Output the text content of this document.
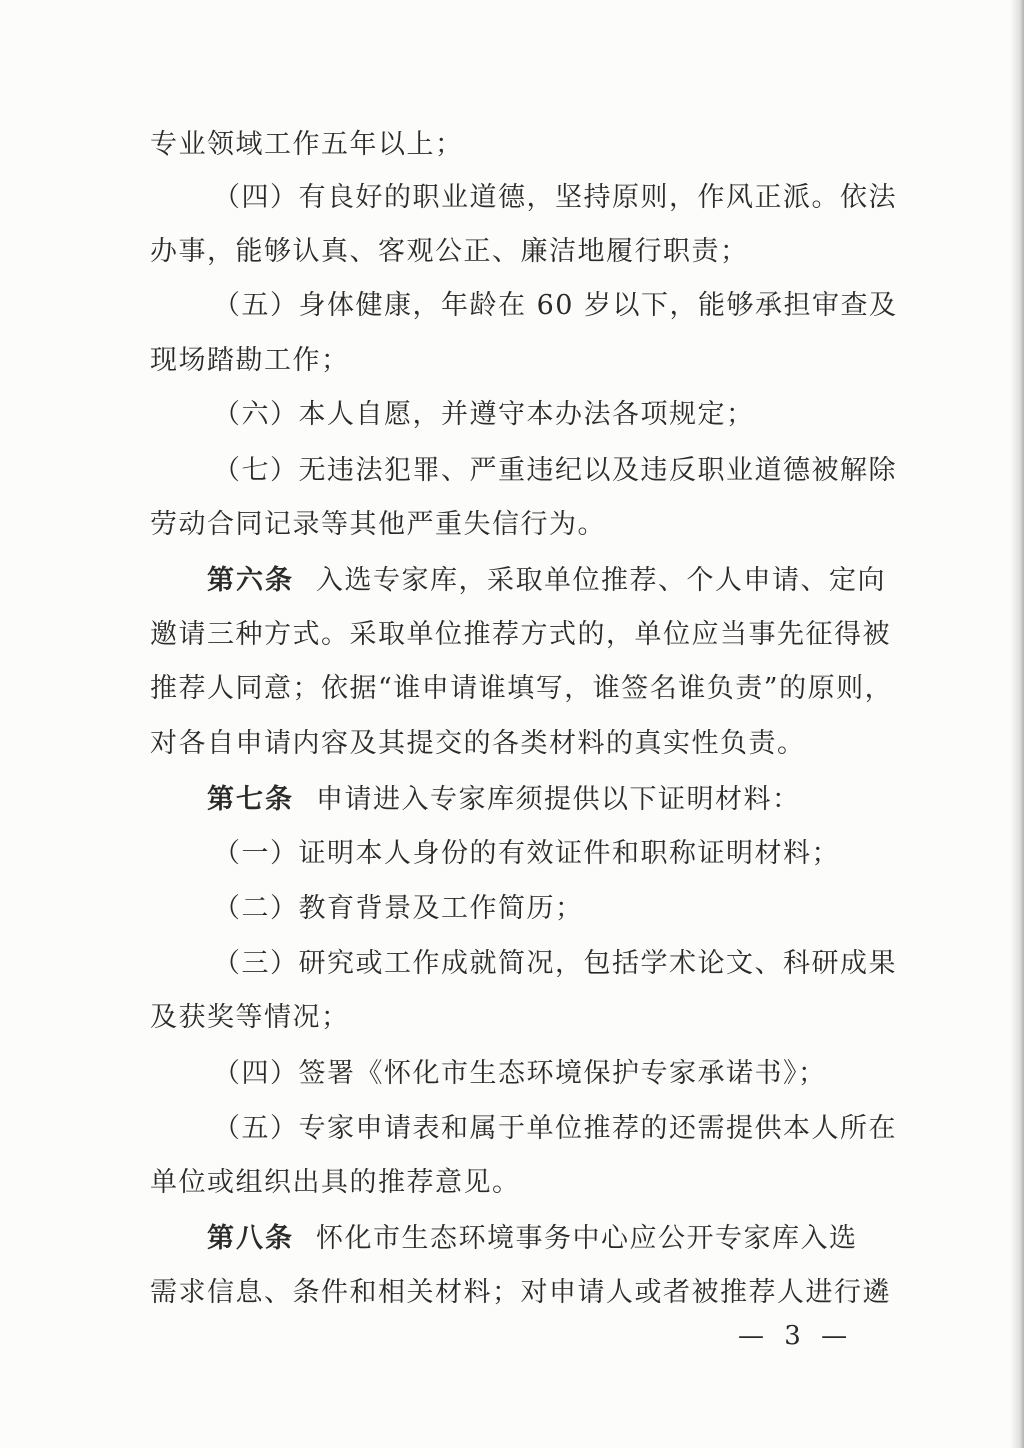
专业领域工作五年以上；
（四）有良好的职业道德，坚持原则，作风正派。依法
办事，能够认真、客观公正、廉洁地履行职责；
（五）身体健康，年龄在 60 岁以下，能够承担审查及
现场踏勘工作；
（六）本人自愿，并遵守本办法各项规定；
（七）无违法犯罪、严重违纪以及违反职业道德被解除
劳动合同记录等其他严重失信行为。
第六条 入选专家库，采取单位推荐、个人申请、定向
邀请三种方式。采取单位推荐方式的，单位应当事先征得被
推荐人同意；依据“谁申请谁填写，谁签名谁负责”的原则，
对各自申请内容及其提交的各类材料的真实性负责。
第七条 申请进入专家库须提供以下证明材料：
（一）证明本人身份的有效证件和职称证明材料；
（二）教育背景及工作简历；
（三）研究或工作成就简况，包括学术论文、科研成果
及获奖等情况；
（四）签署《怀化市生态环境保护专家承诺书》；
（五）专家申请表和属于单位推荐的还需提供本人所在
单位或组织出具的推荐意见。
第八条 怀化市生态环境事务中心应公开专家库入选
需求信息、条件和相关材料；对申请人或者被推荐人进行遴
— 3 —
